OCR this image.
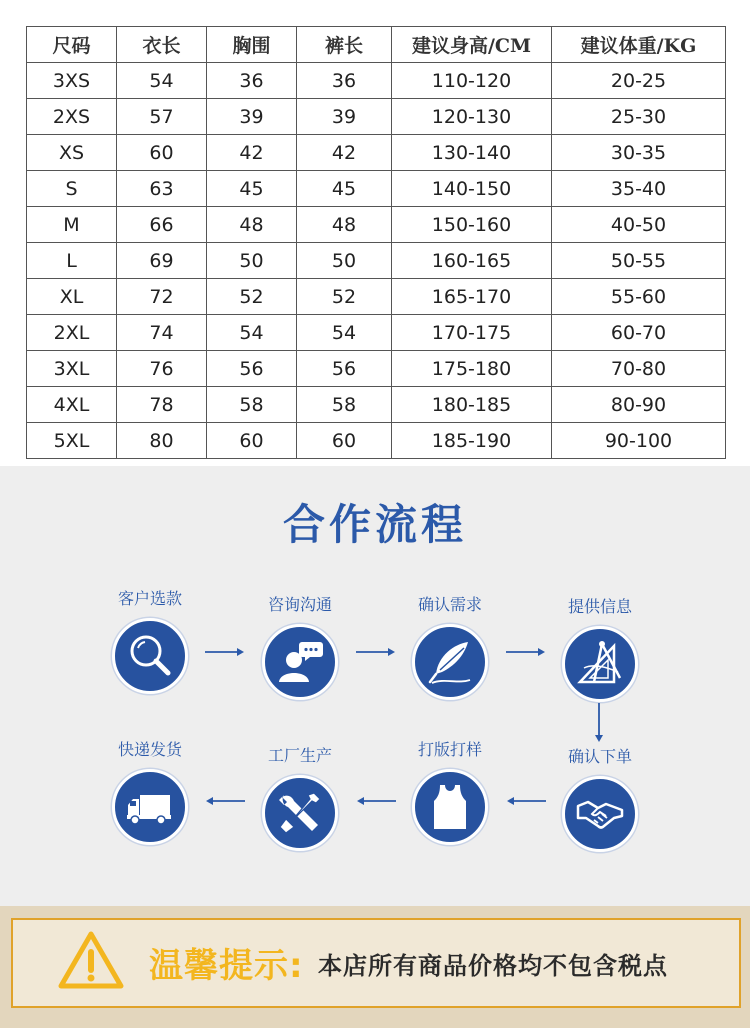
尺码	衣长	胸围	裤长	建议身高/CM	建议体重/KG
3XS	54	36	36	110-120	20-25
2XS	57	39	39	120-130	25-30
XS	60	42	42	130-140	30-35
S	63	45	45	140-150	35-40
M	66	48	48	150-160	40-50
L	69	50	50	160-165	50-55
XL	72	52	52	165-170	55-60
2XL	74	54	54	170-175	60-70
3XL	76	56	56	175-180	70-80
4XL	78	58	58	180-185	80-90
5XL	80	60	60	185-190	90-100
合作流程
客户选款	咨询沟通	确认需求	提供信息
快递发货	工厂生产	打版打样	确认下单
温馨提示: 本店所有商品价格均不包含税点
